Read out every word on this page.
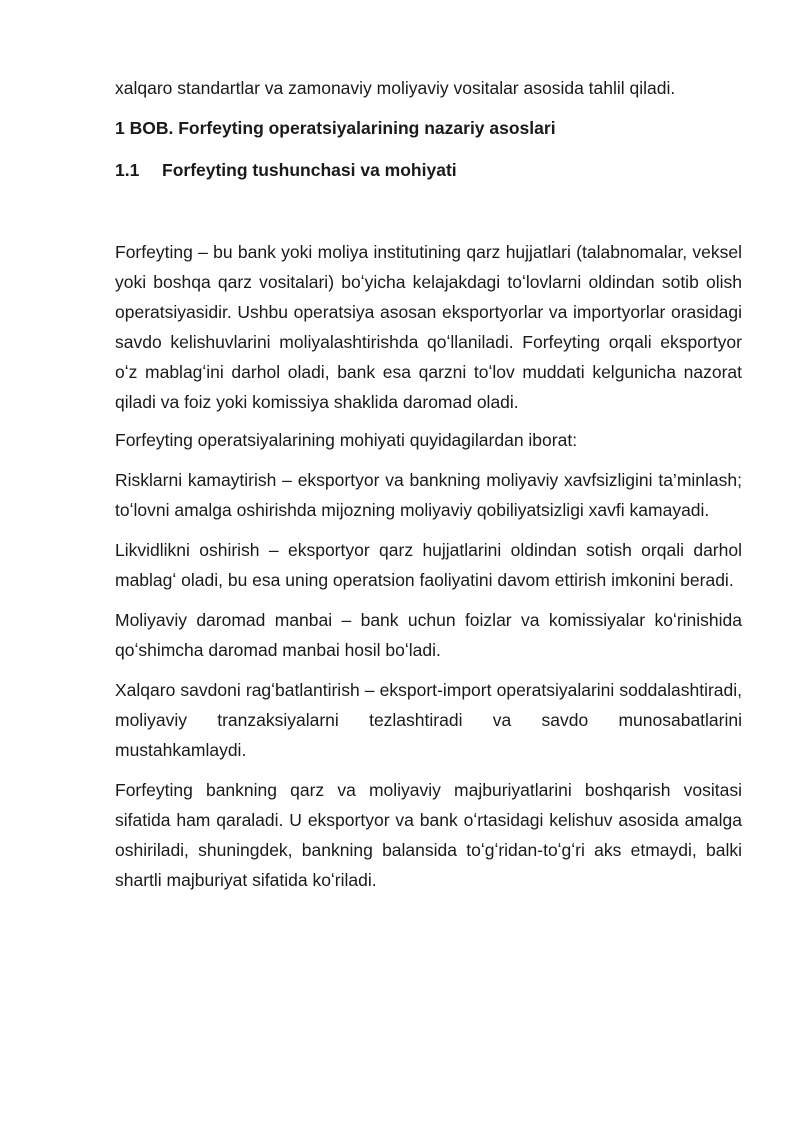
xalqaro standartlar va zamonaviy moliyaviy vositalar asosida tahlil qiladi.

1 BOB. Forfeyting operatsiyalarining nazariy asoslari
1.1	Forfeyting tushunchasi va mohiyati

Forfeyting – bu bank yoki moliya institutining qarz hujjatlari (talabnomalar, veksel yoki boshqa qarz vositalari) boʻyicha kelajakdagi toʻlovlarni oldindan sotib olish operatsiyasidir. Ushbu operatsiya asosan eksportyorlar va importyorlar orasidagi savdo kelishuvlarini moliyalashtirishda qoʻllaniladi. Forfeyting orqali eksportyor oʻz mablagʻini darhol oladi, bank esa qarzni toʻlov muddati kelgunicha nazorat qiladi va foiz yoki komissiya shaklida daromad oladi.

Forfeyting operatsiyalarining mohiyati quyidagilardan iborat:

Risklarni kamaytirish – eksportyor va bankning moliyaviy xavfsizligini ta’minlash; toʻlovni amalga oshirishda mijozning moliyaviy qobiliyatsizligi xavfi kamayadi.

Likvidlikni oshirish – eksportyor qarz hujjatlarini oldindan sotish orqali darhol mablagʻ oladi, bu esa uning operatsion faoliyatini davom ettirish imkonini beradi.

Moliyaviy daromad manbai – bank uchun foizlar va komissiyalar koʻrinishida qoʻshimcha daromad manbai hosil boʻladi.

Xalqaro savdoni ragʻbatlantirish – eksport-import operatsiyalarini soddalashtiradi, moliyaviy tranzaksiyalarni tezlashtiradi va savdo munosabatlarini mustahkamlaydi.

Forfeyting bankning qarz va moliyaviy majburiyatlarini boshqarish vositasi sifatida ham qaraladi. U eksportyor va bank oʻrtasidagi kelishuv asosida amalga oshiriladi, shuningdek, bankning balansida toʻgʻridan-toʻgʻri aks etmaydi, balki shartli majburiyat sifatida koʻriladi.
